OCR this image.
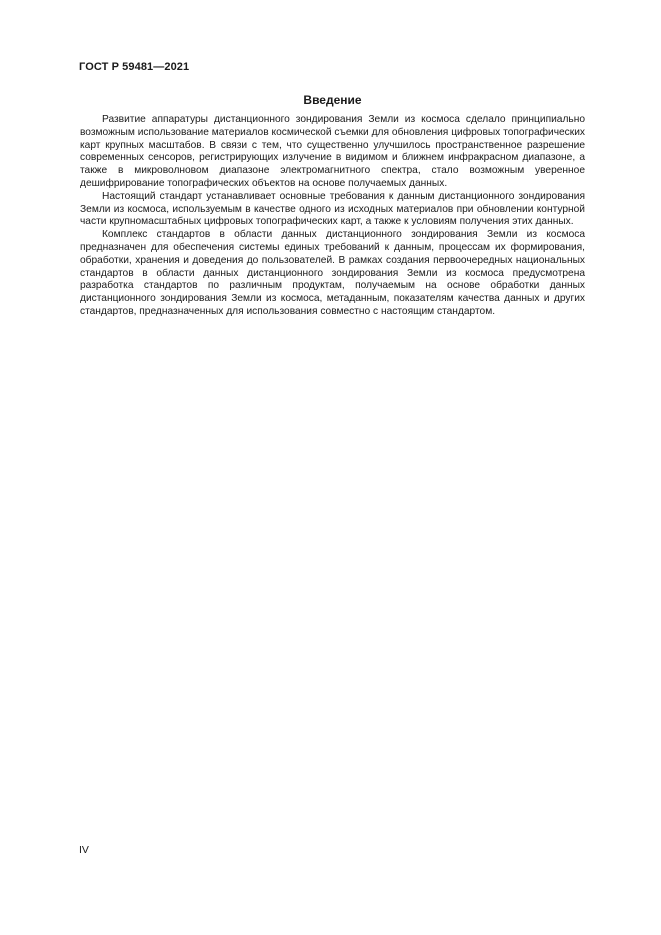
ГОСТ Р 59481—2021
Введение

Развитие аппаратуры дистанционного зондирования Земли из космоса сделало принципиально возможным использование материалов космической съемки для обновления цифровых топографических карт крупных масштабов. В связи с тем, что существенно улучшилось пространственное разрешение современных сенсоров, регистрирующих излучение в видимом и ближнем инфракрасном диапазоне, а также в микроволновом диапазоне электромагнитного спектра, стало возможным уверенное дешифрирование топографических объектов на основе получаемых данных.

Настоящий стандарт устанавливает основные требования к данным дистанционного зондирования Земли из космоса, используемым в качестве одного из исходных материалов при обновлении контурной части крупномасштабных цифровых топографических карт, а также к условиям получения этих данных.

Комплекс стандартов в области данных дистанционного зондирования Земли из космоса предназначен для обеспечения системы единых требований к данным, процессам их формирования, обработки, хранения и доведения до пользователей. В рамках создания первоочередных национальных стандартов в области данных дистанционного зондирования Земли из космоса предусмотрена разработка стандартов по различным продуктам, получаемым на основе обработки данных дистанционного зондирования Земли из космоса, метаданным, показателям качества данных и других стандартов, предназначенных для использования совместно с настоящим стандартом.

IV
